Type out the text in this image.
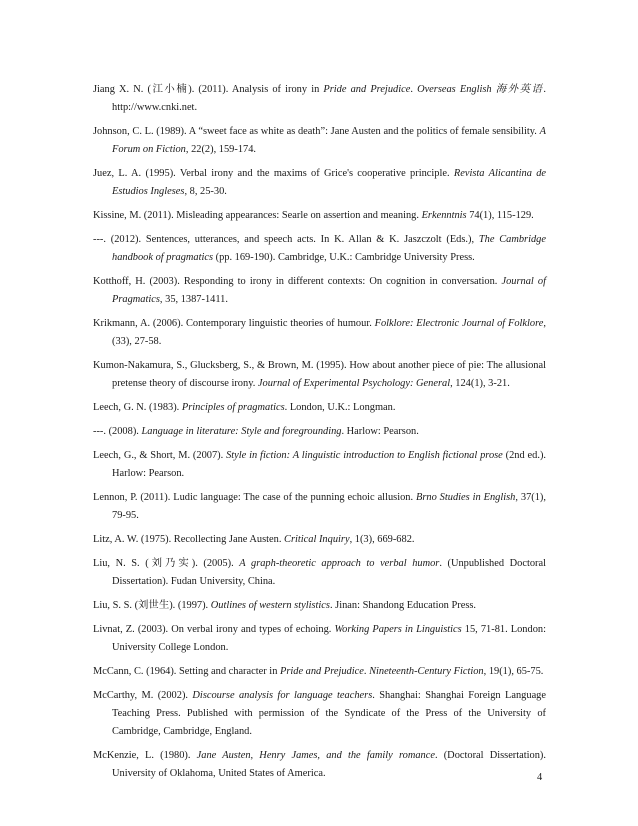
Jiang X. N. (江小楠). (2011). Analysis of irony in Pride and Prejudice. Overseas English 海外英语. http://www.cnki.net.

Johnson, C. L. (1989). A “sweet face as white as death”: Jane Austen and the politics of female sensibility. A Forum on Fiction, 22(2), 159-174.

Juez, L. A. (1995). Verbal irony and the maxims of Grice's cooperative principle. Revista Alicantina de Estudios Ingleses, 8, 25-30.

Kissine, M. (2011). Misleading appearances: Searle on assertion and meaning. Erkenntnis 74(1), 115-129.

---. (2012). Sentences, utterances, and speech acts. In K. Allan & K. Jaszczolt (Eds.), The Cambridge handbook of pragmatics (pp. 169-190). Cambridge, U.K.: Cambridge University Press.

Kotthoff, H. (2003). Responding to irony in different contexts: On cognition in conversation. Journal of Pragmatics, 35, 1387-1411.

Krikmann, A. (2006). Contemporary linguistic theories of humour. Folklore: Electronic Journal of Folklore, (33), 27-58.

Kumon-Nakamura, S., Glucksberg, S., & Brown, M. (1995). How about another piece of pie: The allusional pretense theory of discourse irony. Journal of Experimental Psychology: General, 124(1), 3-21.

Leech, G. N. (1983). Principles of pragmatics. London, U.K.: Longman.

---. (2008). Language in literature: Style and foregrounding. Harlow: Pearson.

Leech, G., & Short, M. (2007). Style in fiction: A linguistic introduction to English fictional prose (2nd ed.). Harlow: Pearson.

Lennon, P. (2011). Ludic language: The case of the punning echoic allusion. Brno Studies in English, 37(1), 79-95.

Litz, A. W. (1975). Recollecting Jane Austen. Critical Inquiry, 1(3), 669-682.

Liu, N. S. (刘乃实). (2005). A graph-theoretic approach to verbal humor. (Unpublished Doctoral Dissertation). Fudan University, China.

Liu, S. S. (刘世生). (1997). Outlines of western stylistics. Jinan: Shandong Education Press.

Livnat, Z. (2003). On verbal irony and types of echoing. Working Papers in Linguistics 15, 71-81. London: University College London.

McCann, C. (1964). Setting and character in Pride and Prejudice. Nineteenth-Century Fiction, 19(1), 65-75.

McCarthy, M. (2002). Discourse analysis for language teachers. Shanghai: Shanghai Foreign Language Teaching Press. Published with permission of the Syndicate of the Press of the University of Cambridge, Cambridge, England.

McKenzie, L. (1980). Jane Austen, Henry James, and the family romance. (Doctoral Dissertation). University of Oklahoma, United States of America.	4
